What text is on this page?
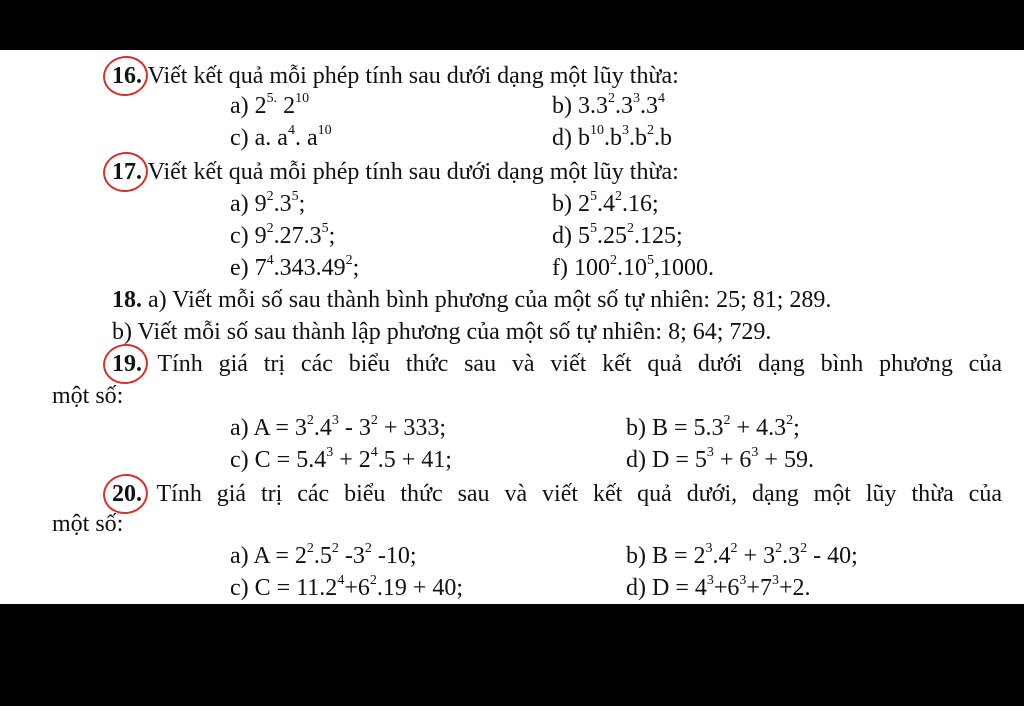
16. Viết kết quả mỗi phép tính sau dưới dạng một lũy thừa:
a) $2^{5.}$ $2^{10}$	b) $3.3^2.3^3.3^4$
c) a. $a^4$. $a^{10}$	d) $b^{10}.b^3.b^2.b$
17. Viết kết quả mỗi phép tính sau dưới dạng một lũy thừa:
a) $9^2.3^5$;	b) $2^5.4^2.16$;
c) $9^2.27.3^5$;	d) $5^5.25^2.125$;
e) $7^4.343.49^2$;	f) $100^2.10^5,1000$.
18. a) Viết mỗi số sau thành bình phương của một số tự nhiên: 25; 81; 289.
b) Viết mỗi số sau thành lập phương của một số tự nhiên: 8; 64; 729.
19. Tính giá trị các biểu thức sau và viết kết quả dưới dạng bình phương của
một số:
a) $A = 3^2.4^3 - 3^2 + 333$;	b) $B = 5.3^2 + 4.3^2$;
c) $C = 5.4^3 + 2^4.5 + 41$;	d) $D = 5^3 + 6^3 + 59$.
20. Tính giá trị các biểu thức sau và viết kết quả dưới, dạng một lũy thừa của
một số:
a) $A = 2^2.5^2$ $-3^2$ -10;	b) $B = 2^3.4^2 + 3^2.3^2 - 40$;
c) $C = 11.2^4+6^2.19 + 40$;	d) $D = 4^3+6^3+7^3+2$.
